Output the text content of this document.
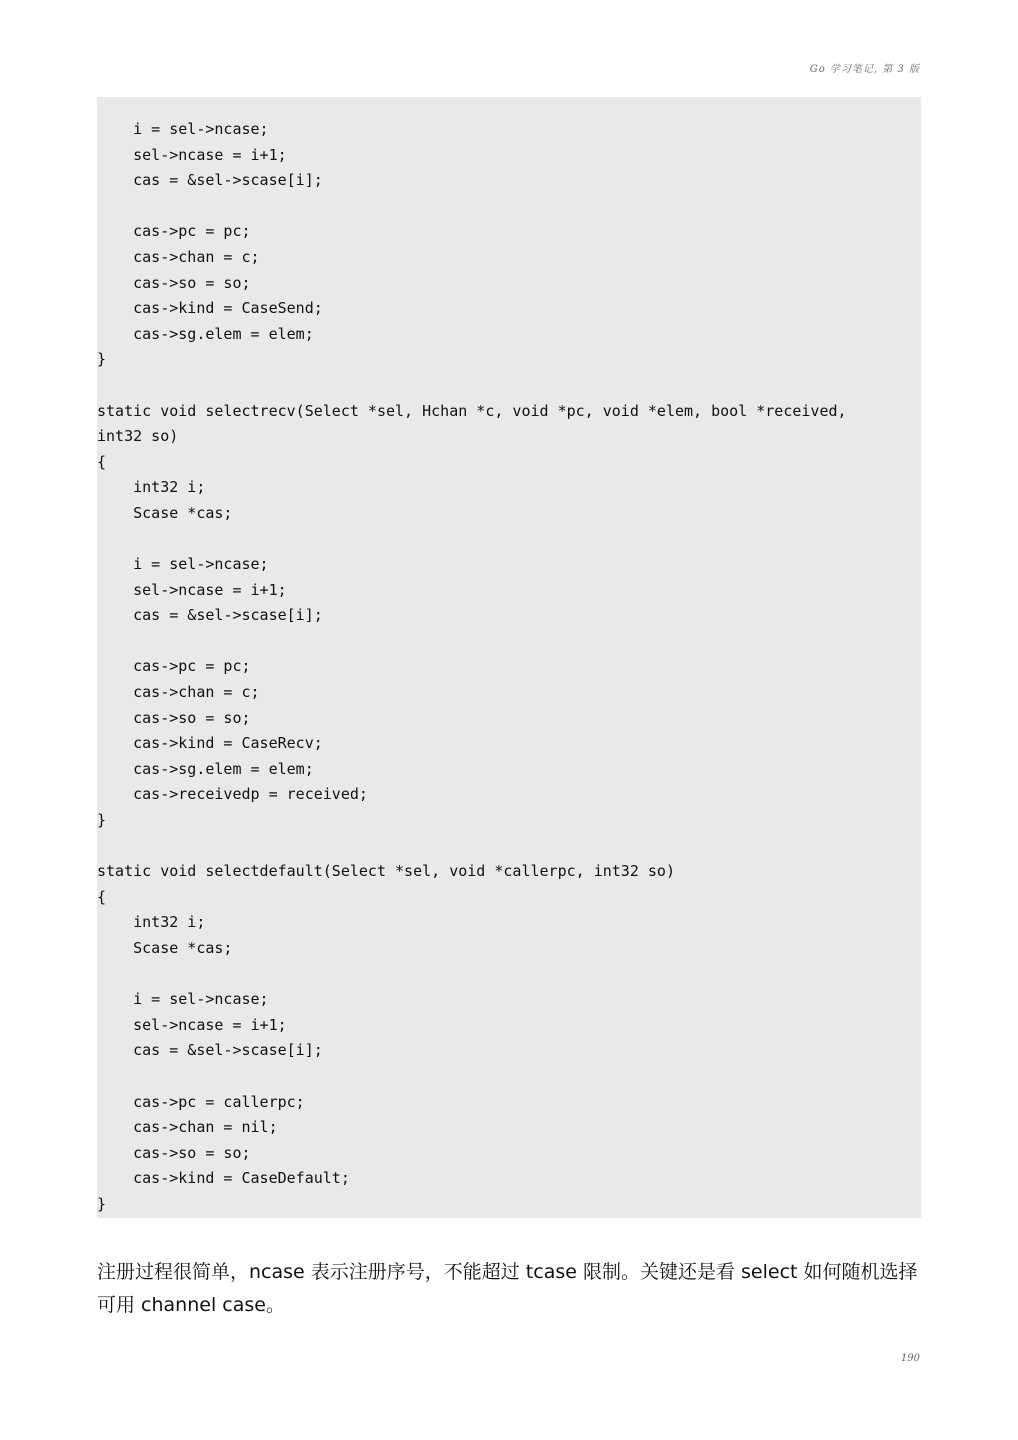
Go 学习笔记, 第 3 版
i = sel->ncase;
sel->ncase = i+1;
cas = &sel->scase[i];
cas->pc = pc;
cas->chan = c;
cas->so = so;
cas->kind = CaseSend;
cas->sg.elem = elem;
}
static void selectrecv(Select *sel, Hchan *c, void *pc, void *elem, bool *received,
int32 so)
{
int32 i;
Scase *cas;
i = sel->ncase;
sel->ncase = i+1;
cas = &sel->scase[i];
cas->pc = pc;
cas->chan = c;
cas->so = so;
cas->kind = CaseRecv;
cas->sg.elem = elem;
cas->receivedp = received;
}
static void selectdefault(Select *sel, void *callerpc, int32 so)
{
int32 i;
Scase *cas;
i = sel->ncase;
sel->ncase = i+1;
cas = &sel->scase[i];
cas->pc = callerpc;
cas->chan = nil;
cas->so = so;
cas->kind = CaseDefault;
}

注册过程很简单，ncase 表示注册序号，不能超过 tcase 限制。关键还是看 select 如何随机选择可用 channel case。

190
